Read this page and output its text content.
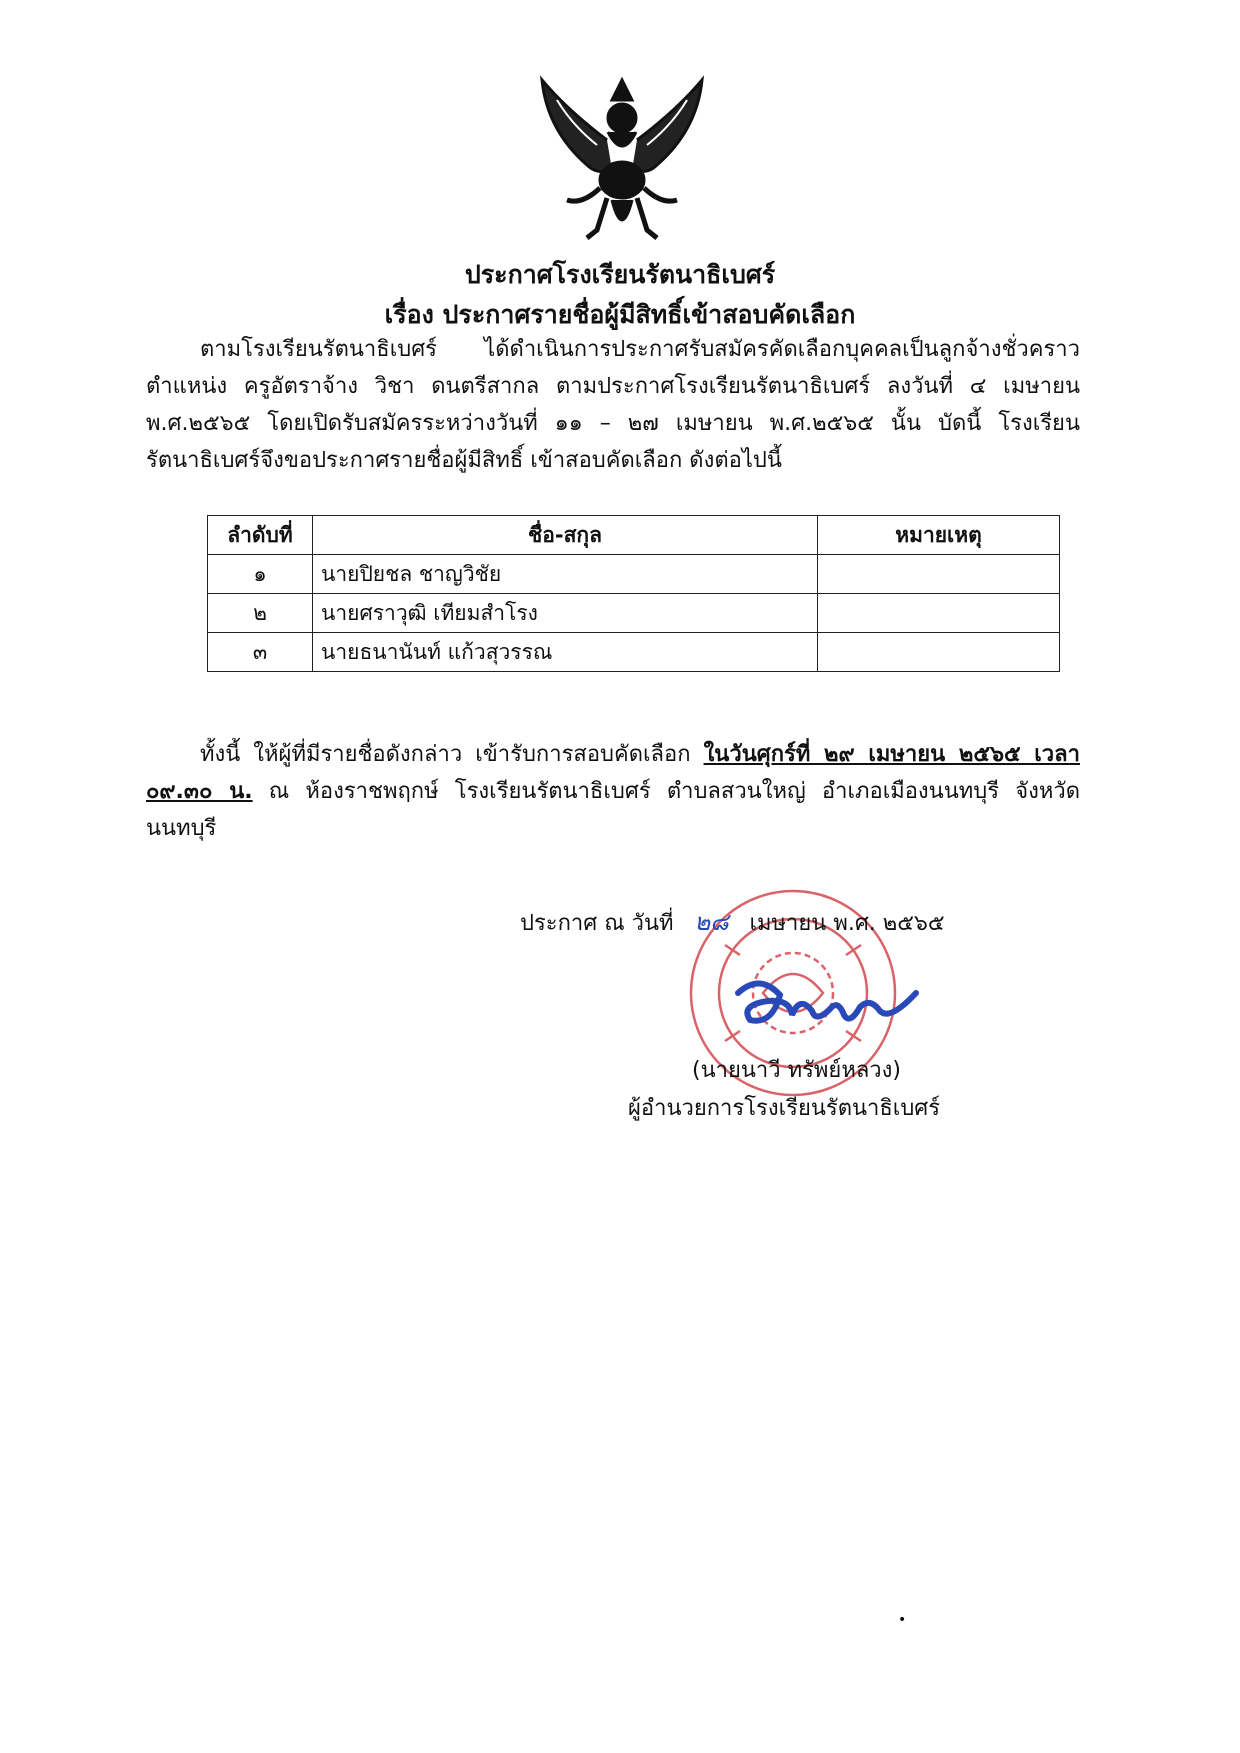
ประกาศโรงเรียนรัตนาธิเบศร์
เรื่อง ประกาศรายชื่อผู้มีสิทธิ์เข้าสอบคัดเลือก
ตามโรงเรียนรัตนาธิเบศร์ ได้ดำเนินการประกาศรับสมัครคัดเลือกบุคคลเป็นลูกจ้างชั่วคราว ตำแหน่ง ครูอัตราจ้าง วิชา ดนตรีสากล ตามประกาศโรงเรียนรัตนาธิเบศร์ ลงวันที่ ๔ เมษายน พ.ศ.๒๕๖๕ โดยเปิดรับสมัครระหว่างวันที่ ๑๑ – ๒๗ เมษายน พ.ศ.๒๕๖๕ นั้น บัดนี้ โรงเรียนรัตนาธิเบศร์จึงขอประกาศรายชื่อผู้มีสิทธิ์ เข้าสอบคัดเลือก ดังต่อไปนี้
ลำดับที่	ชื่อ-สกุล	หมายเหตุ
๑	นายปิยชล ชาญวิชัย	
๒	นายศราวุฒิ เทียมสำโรง	
๓	นายธนานันท์ แก้วสุวรรณ	
ทั้งนี้ ให้ผู้ที่มีรายชื่อดังกล่าว เข้ารับการสอบคัดเลือก ในวันศุกร์ที่ ๒๙ เมษายน ๒๕๖๕ เวลา ๐๙.๓๐ น. ณ ห้องราชพฤกษ์ โรงเรียนรัตนาธิเบศร์ ตำบลสวนใหญ่ อำเภอเมืองนนทบุรี จังหวัดนนทบุรี
ประกาศ ณ วันที่ ๒๘ เมษายน พ.ศ. ๒๕๖๕
(นายนาวี ทรัพย์หลวง)
ผู้อำนวยการโรงเรียนรัตนาธิเบศร์
•
